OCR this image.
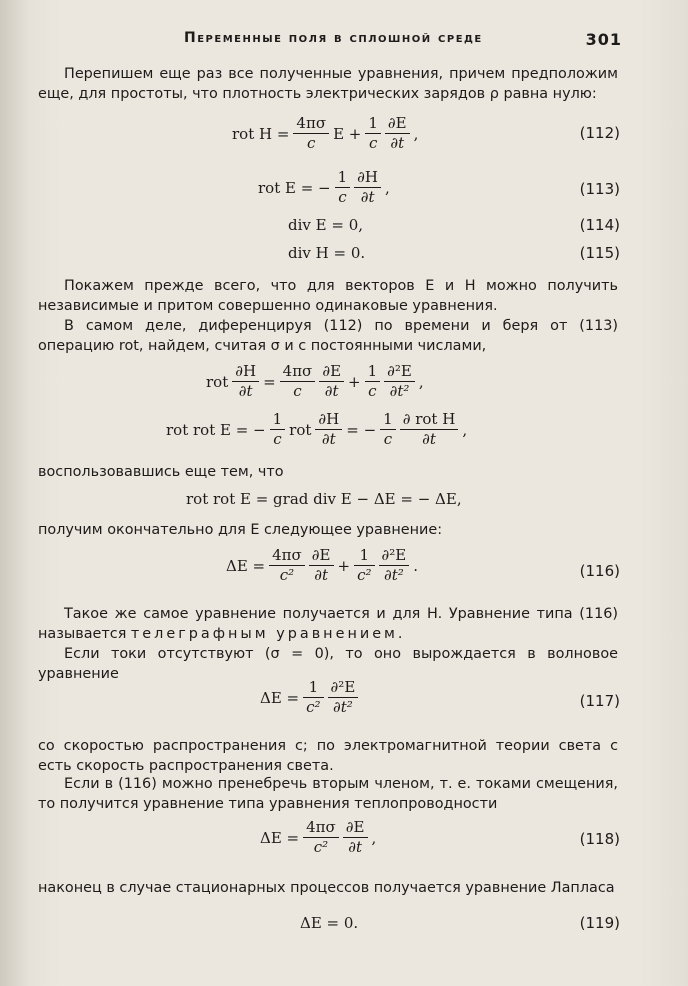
Переменные поля в сплошной среде	301

Перепишем еще раз все полученные уравнения, причем предположим еще, для простоты, что плотность электрических зарядов ρ равна нулю:

rot $H = \frac{4\pi\sigma}{c}$ $E + \frac{1}{c} \frac{\partial E}{\partial t}$ ,	(112)
rot E = − $\frac{1}{c} \frac{\partial H}{\partial t}$ ,	(113)
div E = 0,	(114)
div H = 0.	(115)

Покажем прежде всего, что для векторов E и H можно получить независимые и притом совершенно одинаковые уравнения.

В самом деле, диференцируя (112) по времени и беря от (113) операцию rot, найдем, считая σ и c постоянными числами,

rot $\frac{\partial H}{\partial t} = \frac{4\pi\sigma}{c} \frac{\partial E}{\partial t} + \frac{1}{c} \frac{\text{∂²E}}{\text{∂t²}}$ ,
rot rot E = − $\frac{1}{c}$ rot $\frac{\partial H}{\partial t}$ = − $\frac{1}{c} \frac{\text{∂ rot H}}{\partial t}$ ,

воспользовавшись еще тем, что

rot rot E = grad div E − ΔE = − ΔE,

получим окончательно для E следующее уравнение:

$\Delta E = \frac{4\pi\sigma}{\text{c²}} \frac{\partial E}{\partial t} + \frac{1}{\text{c²}} \frac{\text{∂²E}}{\text{∂t²}}$ .	(116)

Такое же самое уравнение получается и для H. Уравнение типа (116) называется телеграфным уравнением.

Если токи отсутствуют (σ = 0), то оно вырождается в волновое уравнение

$\Delta E = \frac{1}{\text{c²}} \frac{\text{∂²E}}{\text{∂t²}}$	(117)

со скоростью распространения c; по электромагнитной теории света c есть скорость распространения света.

Если в (116) можно пренебречь вторым членом, т. е. токами смещения, то получится уравнение типа уравнения теплопроводности

$\Delta E = \frac{4\pi\sigma}{\text{c²}} \frac{\partial E}{\partial t}$ ,	(118)

наконец в случае стационарных процессов получается уравнение Лапласа

ΔE = 0.	(119)
